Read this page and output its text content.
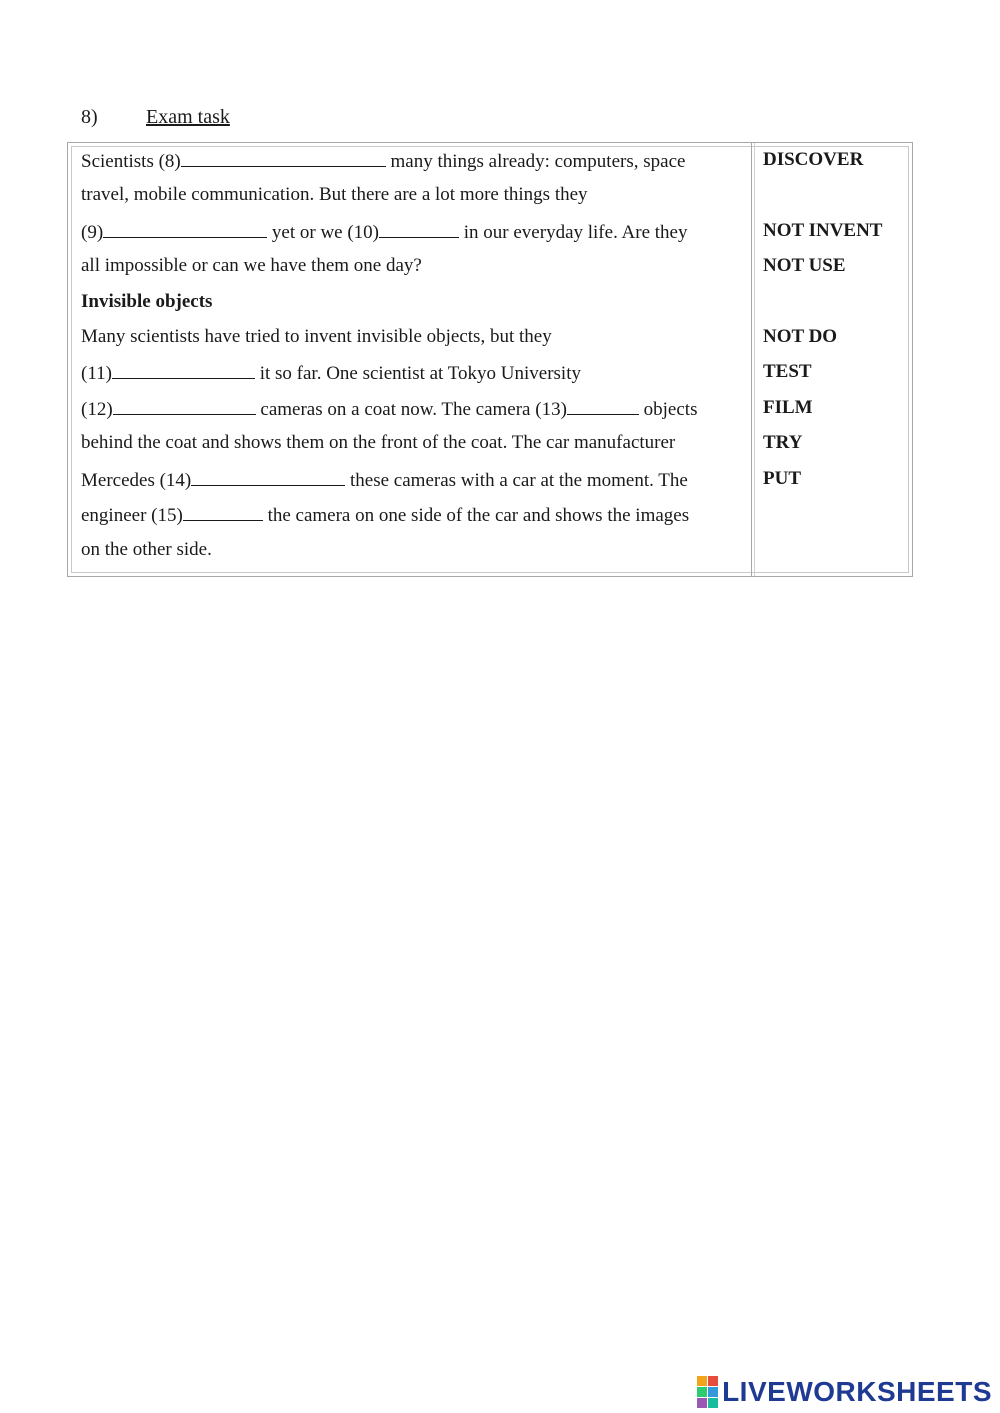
8) Exam task
Scientists (8)	many things already: computers, space
travel, mobile communication. But there are a lot more things they
(9)	yet or we (10)	in our everyday life. Are they
all impossible or can we have them one day?
Invisible objects
Many scientists have tried to invent invisible objects, but they
(11)	it so far. One scientist at Tokyo University
(12)	cameras on a coat now. The camera (13)	objects
behind the coat and shows them on the front of the coat. The car manufacturer
Mercedes (14)	these cameras with a car at the moment. The
engineer (15)	the camera on one side of the car and shows the images
on the other side.
DISCOVER
NOT INVENT
NOT USE
NOT DO
TEST
FILM
TRY
PUT
LIVEWORKSHEETS
